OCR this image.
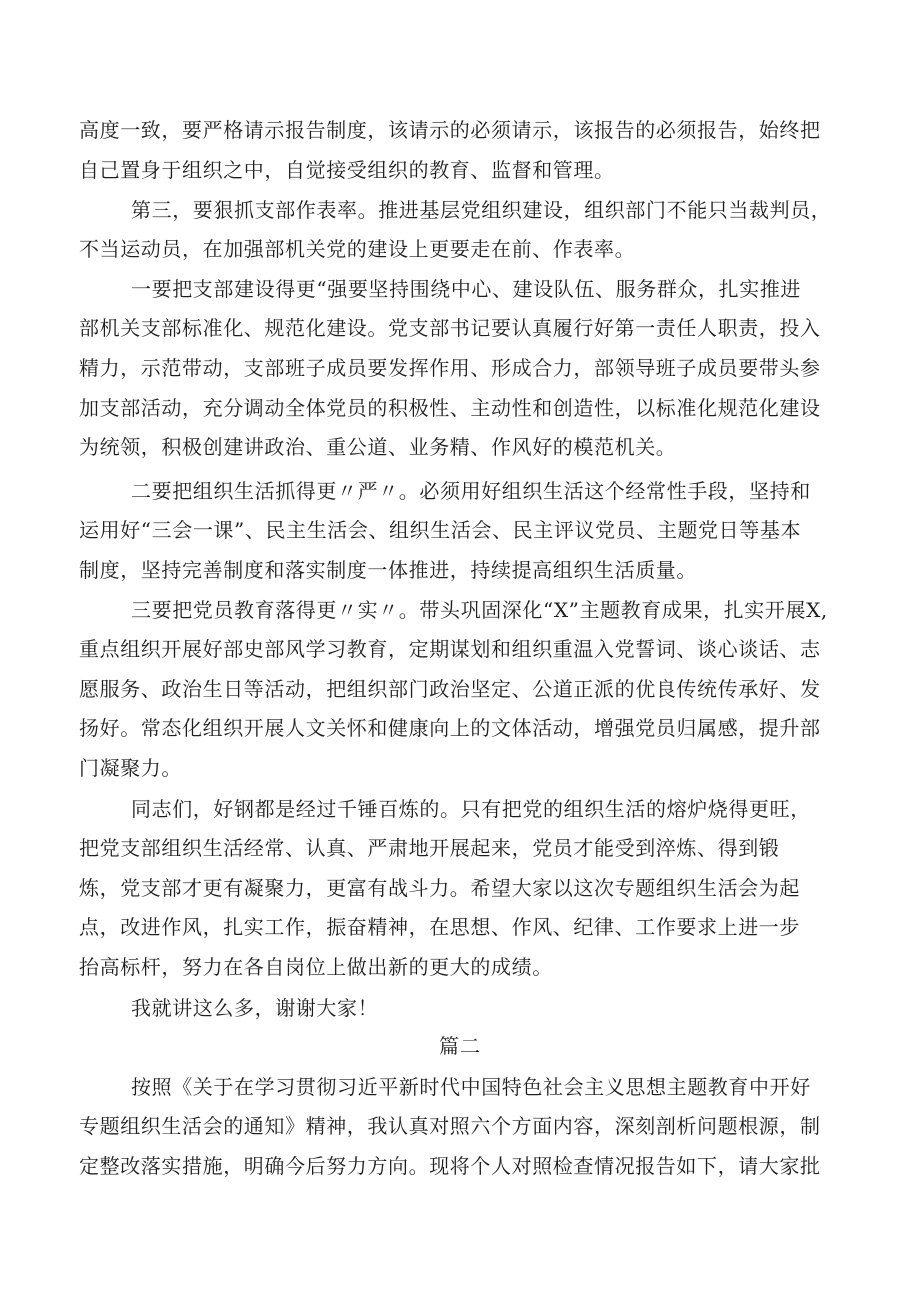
高度一致，要严格请示报告制度，该请示的必须请示，该报告的必须报告，始终把
自己置身于组织之中，自觉接受组织的教育、监督和管理。
第三，要狠抓支部作表率。推进基层党组织建设，组织部门不能只当裁判员，
不当运动员，在加强部机关党的建设上更要走在前、作表率。
一要把支部建设得更“强要坚持围绕中心、建设队伍、服务群众，扎实推进
部机关支部标准化、规范化建设。党支部书记要认真履行好第一责任人职责，投入
精力，示范带动，支部班子成员要发挥作用、形成合力，部领导班子成员要带头参
加支部活动，充分调动全体党员的积极性、主动性和创造性，以标准化规范化建设
为统领，积极创建讲政治、重公道、业务精、作风好的模范机关。
二要把组织生活抓得更〃严〃。必须用好组织生活这个经常性手段，坚持和
运用好“三会一课”、民主生活会、组织生活会、民主评议党员、主题党日等基本
制度，坚持完善制度和落实制度一体推进，持续提高组织生活质量。
三要把党员教育落得更〃实〃。带头巩固深化“X”主题教育成果，扎实开展X,
重点组织开展好部史部风学习教育，定期谋划和组织重温入党誓词、谈心谈话、志
愿服务、政治生日等活动，把组织部门政治坚定、公道正派的优良传统传承好、发
扬好。常态化组织开展人文关怀和健康向上的文体活动，增强党员归属感，提升部
门凝聚力。
同志们，好钢都是经过千锤百炼的。只有把党的组织生活的熔炉烧得更旺，
把党支部组织生活经常、认真、严肃地开展起来，党员才能受到淬炼、得到锻
炼，党支部才更有凝聚力，更富有战斗力。希望大家以这次专题组织生活会为起
点，改进作风，扎实工作，振奋精神，在思想、作风、纪律、工作要求上进一步
抬高标杆，努力在各自岗位上做出新的更大的成绩。
我就讲这么多，谢谢大家！
篇二
按照《关于在学习贯彻习近平新时代中国特色社会主义思想主题教育中开好
专题组织生活会的通知》精神，我认真对照六个方面内容，深刻剖析问题根源，制
定整改落实措施，明确今后努力方向。现将个人对照检查情况报告如下，请大家批
